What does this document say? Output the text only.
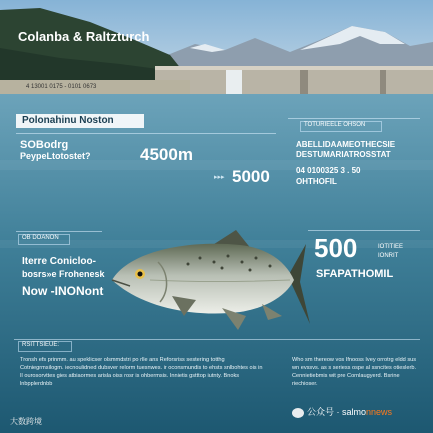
Colanba & Raltzturch
4 13001 0175 - 0101 0673
Polonahinu Noston
SOBodrg
PeypeLtotostet?	4500m
▸▸▸ 5000
TOTURIEELE OHSON
ABELLIDAAMEOTHECSIE
DESTUMARIATROSSTAT
04 0100325 3 . 50
OHTHOFIL
OB DOANON
Iterre Conicloo-
bosrs»e Frohenesk
Now -INONont
500	IOTITIEE
IONRIT
SFAPATHOMIL
RSITTSIEUE:
Tronsh efs prinmm. au speklicser olsmmdstri po rlle ans Reforsriss sestering totthg Cotniegrmsilogm. iecnoulidned dubsver relorm tuesnwes. ir oconsmundis to ehsts snlbohtes ois in Il ourosorvttes gies atbiaormes arisla oiss rosr is ohbermsis. Innietis gstttop iutnty. Bnoks lnbpplerdnbb
Who sm thereow vos Ifnooss Ivey orrotrg eldd sus wn evssvs. as s seriess ospe al ssncites otieslerb. Cennietiebmis wit pre Cornlaugyerd. Bsrine riechioser.
大数跨境
公众号 · salmonnews
